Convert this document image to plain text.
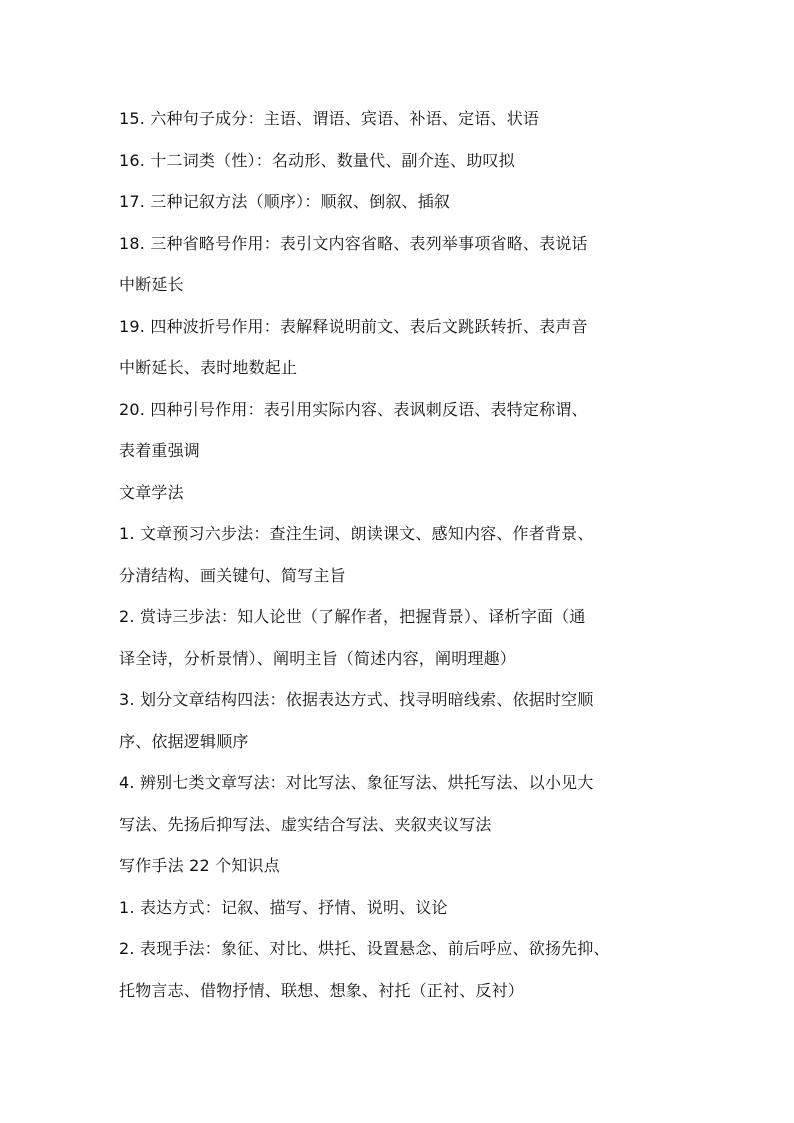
15. 六种句子成分：主语、谓语、宾语、补语、定语、状语
16. 十二词类（性）：名动形、数量代、副介连、助叹拟
17. 三种记叙方法（顺序）：顺叙、倒叙、插叙
18. 三种省略号作用：表引文内容省略、表列举事项省略、表说话
中断延长
19. 四种波折号作用：表解释说明前文、表后文跳跃转折、表声音
中断延长、表时地数起止
20. 四种引号作用：表引用实际内容、表讽刺反语、表特定称谓、
表着重强调
文章学法
1. 文章预习六步法：查注生词、朗读课文、感知内容、作者背景、
分清结构、画关键句、简写主旨
2. 赏诗三步法：知人论世（了解作者，把握背景）、译析字面（通
译全诗，分析景情）、阐明主旨（简述内容，阐明理趣）
3. 划分文章结构四法：依据表达方式、找寻明暗线索、依据时空顺
序、依据逻辑顺序
4. 辨别七类文章写法：对比写法、象征写法、烘托写法、以小见大
写法、先扬后抑写法、虚实结合写法、夹叙夹议写法
写作手法 22 个知识点
1. 表达方式：记叙、描写、抒情、说明、议论
2. 表现手法：象征、对比、烘托、设置悬念、前后呼应、欲扬先抑、
托物言志、借物抒情、联想、想象、衬托（正衬、反衬）
